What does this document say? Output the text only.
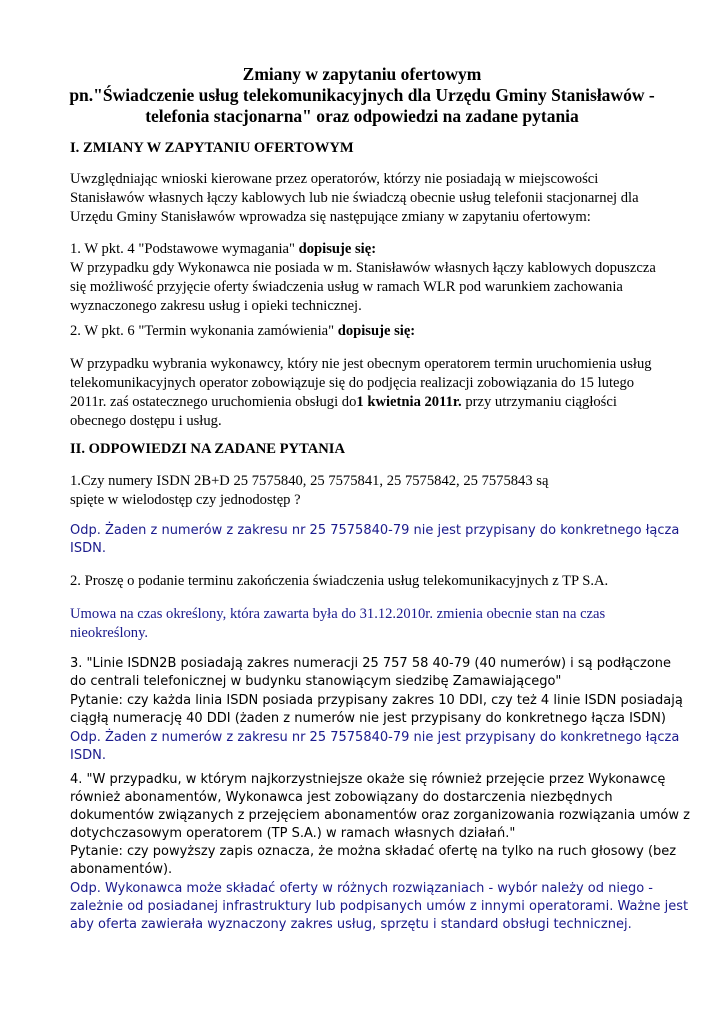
Zmiany w zapytaniu ofertowym
pn."Świadczenie usług telekomunikacyjnych dla Urzędu Gminy Stanisławów -
telefonia stacjonarna" oraz odpowiedzi na zadane pytania
I. ZMIANY W ZAPYTANIU OFERTOWYM
Uwzględniając wnioski kierowane przez operatorów, którzy nie posiadają w miejscowości
Stanisławów własnych łączy kablowych lub nie świadczą obecnie usług telefonii stacjonarnej dla
Urzędu Gminy Stanisławów wprowadza się następujące zmiany w zapytaniu ofertowym:
1. W pkt. 4 "Podstawowe wymagania" dopisuje się:
W przypadku gdy Wykonawca nie posiada w m. Stanisławów własnych łączy kablowych dopuszcza
się możliwość przyjęcie oferty świadczenia usług w ramach WLR pod warunkiem zachowania
wyznaczonego zakresu usług i opieki technicznej.
2. W pkt. 6 "Termin wykonania zamówienia" dopisuje się:
W przypadku wybrania wykonawcy, który nie jest obecnym operatorem termin uruchomienia usług
telekomunikacyjnych operator zobowiązuje się do podjęcia realizacji zobowiązania do 15 lutego
2011r. zaś ostatecznego uruchomienia obsługi do1 kwietnia 2011r. przy utrzymaniu ciągłości
obecnego dostępu i usług.
II. ODPOWIEDZI NA ZADANE PYTANIA
1.Czy numery ISDN 2B+D 25 7575840, 25 7575841, 25 7575842, 25 7575843 są
spięte w wielodostęp czy jednodostęp ?
Odp. Żaden z numerów z zakresu nr 25 7575840-79 nie jest przypisany do konkretnego łącza
ISDN.
2. Proszę o podanie terminu zakończenia świadczenia usług telekomunikacyjnych z TP S.A.
Umowa na czas określony, która zawarta była do 31.12.2010r. zmienia obecnie stan na czas
nieokreślony.
3. "Linie ISDN2B posiadają zakres numeracji 25 757 58 40-79 (40 numerów) i są podłączone
do centrali telefonicznej w budynku stanowiącym siedzibę Zamawiającego"
Pytanie: czy każda linia ISDN posiada przypisany zakres 10 DDI, czy też 4 linie ISDN posiadają
ciągłą numerację 40 DDI (żaden z numerów nie jest przypisany do konkretnego łącza ISDN)
Odp. Żaden z numerów z zakresu nr 25 7575840-79 nie jest przypisany do konkretnego łącza
ISDN.
4. "W przypadku, w którym najkorzystniejsze okaże się również przejęcie przez Wykonawcę
również abonamentów, Wykonawca jest zobowiązany do dostarczenia niezbędnych
dokumentów związanych z przejęciem abonamentów oraz zorganizowania rozwiązania umów z
dotychczasowym operatorem (TP S.A.) w ramach własnych działań."
Pytanie: czy powyższy zapis oznacza, że można składać ofertę na tylko na ruch głosowy (bez
abonamentów).
Odp. Wykonawca może składać oferty w różnych rozwiązaniach - wybór należy od niego -
zależnie od posiadanej infrastruktury lub podpisanych umów z innymi operatorami. Ważne jest
aby oferta zawierała wyznaczony zakres usług, sprzętu i standard obsługi technicznej.
